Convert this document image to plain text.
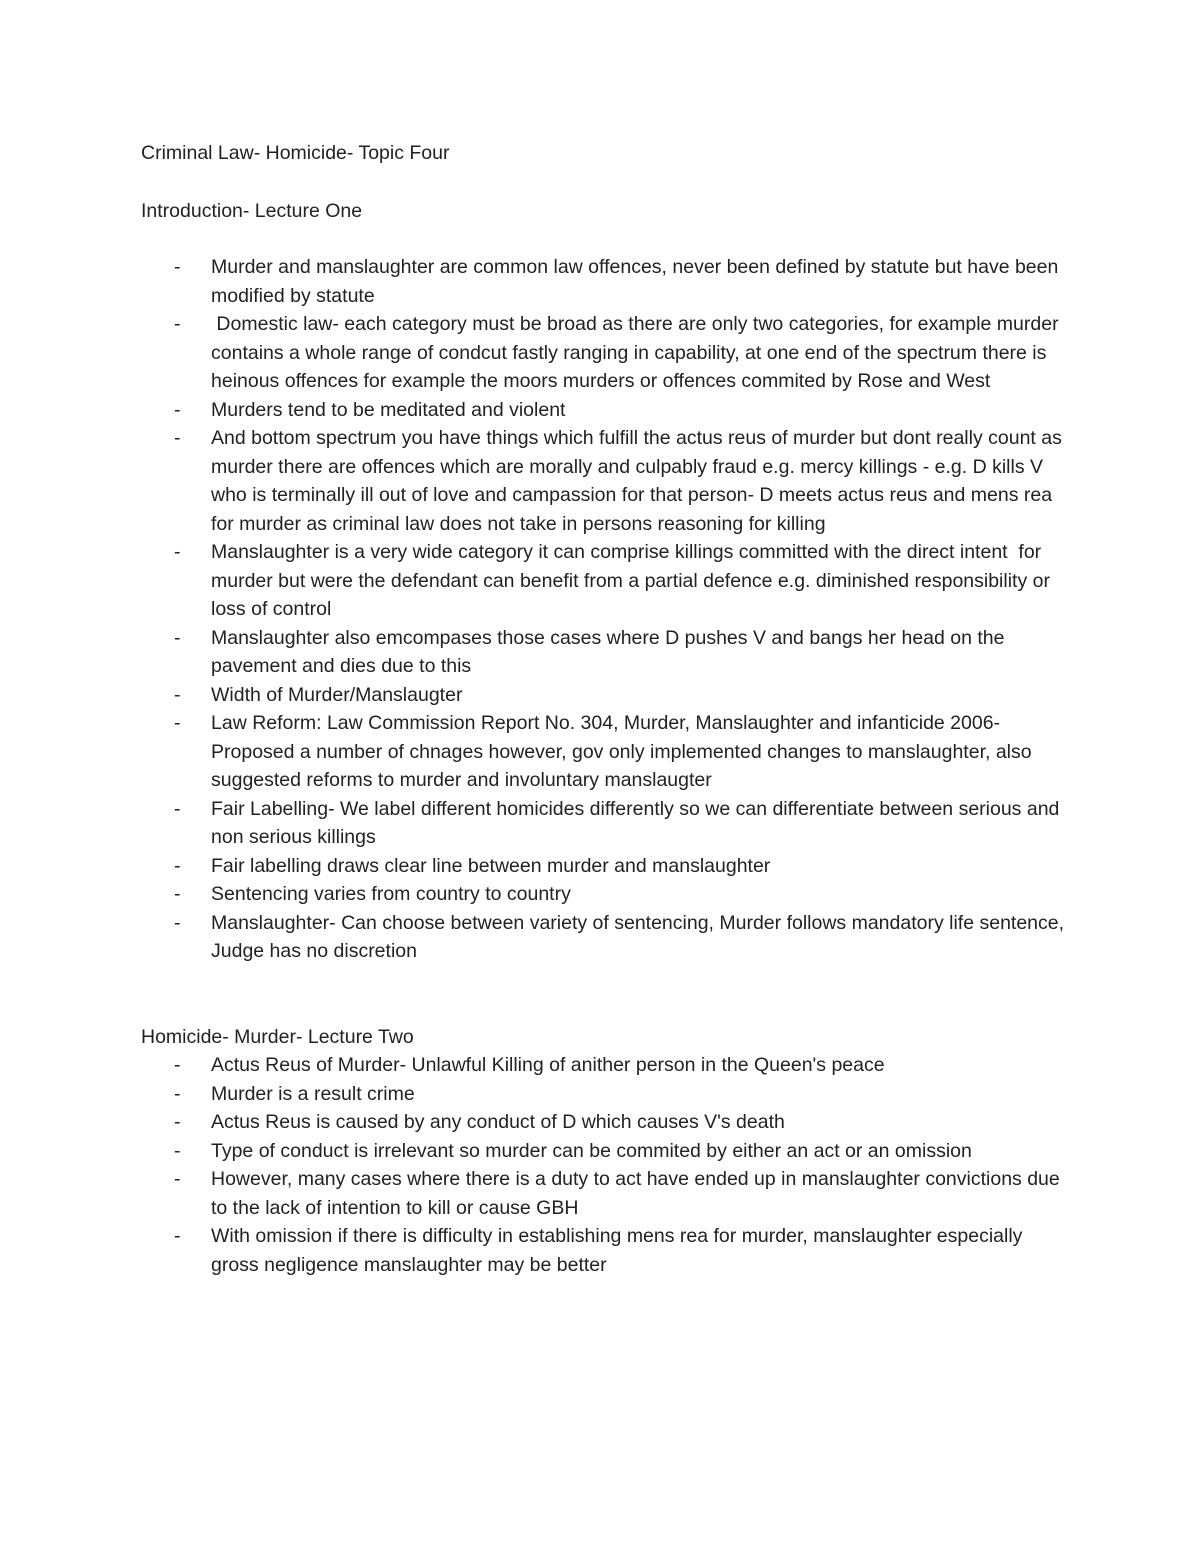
Criminal Law- Homicide- Topic Four

Introduction- Lecture One

- Murder and manslaughter are common law offences, never been defined by statute but have been modified by statute
- Domestic law- each category must be broad as there are only two categories, for example murder contains a whole range of condcut fastly ranging in capability, at one end of the spectrum there is heinous offences for example the moors murders or offences commited by Rose and West
- Murders tend to be meditated and violent
- And bottom spectrum you have things which fulfill the actus reus of murder but dont really count as murder there are offences which are morally and culpably fraud e.g. mercy killings - e.g. D kills V who is terminally ill out of love and campassion for that person- D meets actus reus and mens rea for murder as criminal law does not take in persons reasoning for killing
- Manslaughter is a very wide category it can comprise killings committed with the direct intent  for murder but were the defendant can benefit from a partial defence e.g. diminished responsibility or loss of control
- Manslaughter also emcompases those cases where D pushes V and bangs her head on the pavement and dies due to this
- Width of Murder/Manslaugter
- Law Reform: Law Commission Report No. 304, Murder, Manslaughter and infanticide 2006- Proposed a number of chnages however, gov only implemented changes to manslaughter, also suggested reforms to murder and involuntary manslaugter
- Fair Labelling- We label different homicides differently so we can differentiate between serious and non serious killings
- Fair labelling draws clear line between murder and manslaughter
- Sentencing varies from country to country
- Manslaughter- Can choose between variety of sentencing, Murder follows mandatory life sentence, Judge has no discretion

Homicide- Murder- Lecture Two

- Actus Reus of Murder- Unlawful Killing of anither person in the Queen's peace
- Murder is a result crime
- Actus Reus is caused by any conduct of D which causes V's death
- Type of conduct is irrelevant so murder can be commited by either an act or an omission
- However, many cases where there is a duty to act have ended up in manslaughter convictions due to the lack of intention to kill or cause GBH
- With omission if there is difficulty in establishing mens rea for murder, manslaughter especially gross negligence manslaughter may be better
